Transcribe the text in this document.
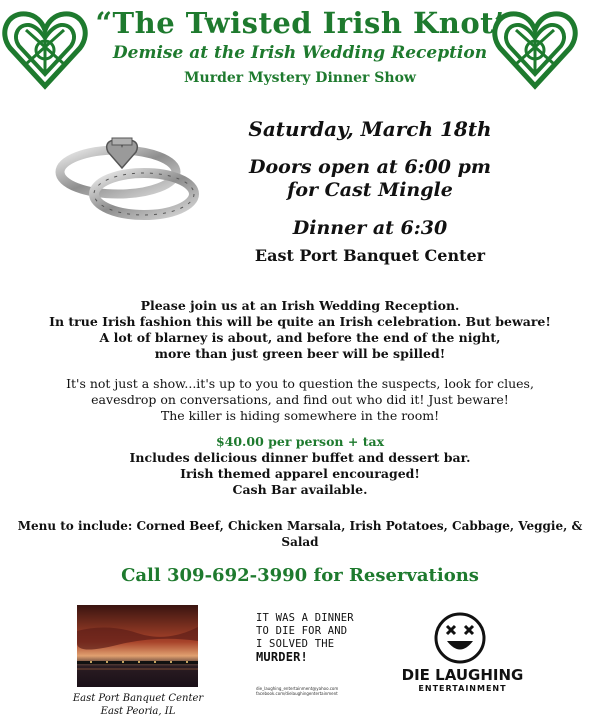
“The Twisted Irish Knot’
Demise at the Irish Wedding Reception
Murder Mystery Dinner Show
Saturday, March 18th
Doors open at 6:00 pm
for Cast Mingle
Dinner at 6:30
East Port Banquet Center
Please join us at an Irish Wedding Reception.
In true Irish fashion this will be quite an Irish celebration. But beware!
A lot of blarney is about, and before the end of the night,
more than just green beer will be spilled!
It's not just a show...it's up to you to question the suspects, look for clues,
eavesdrop on conversations, and find out who did it! Just beware!
The killer is hiding somewhere in the room!
$40.00 per person + tax
Includes delicious dinner buffet and dessert bar.
Irish themed apparel encouraged!
Cash Bar available.
Menu to include: Corned Beef, Chicken Marsala, Irish Potatoes, Cabbage, Veggie, & Salad
Call 309-692-3990 for Reservations
East Port Banquet Center
East Peoria, IL
IT WAS A DINNER
TO DIE FOR AND
I SOLVED THE MURDER!
die_laughing_entertainment@yahoo.com
facebook.com/dielaughingentertainment
DIE LAUGHING
ENTERTAINMENT
